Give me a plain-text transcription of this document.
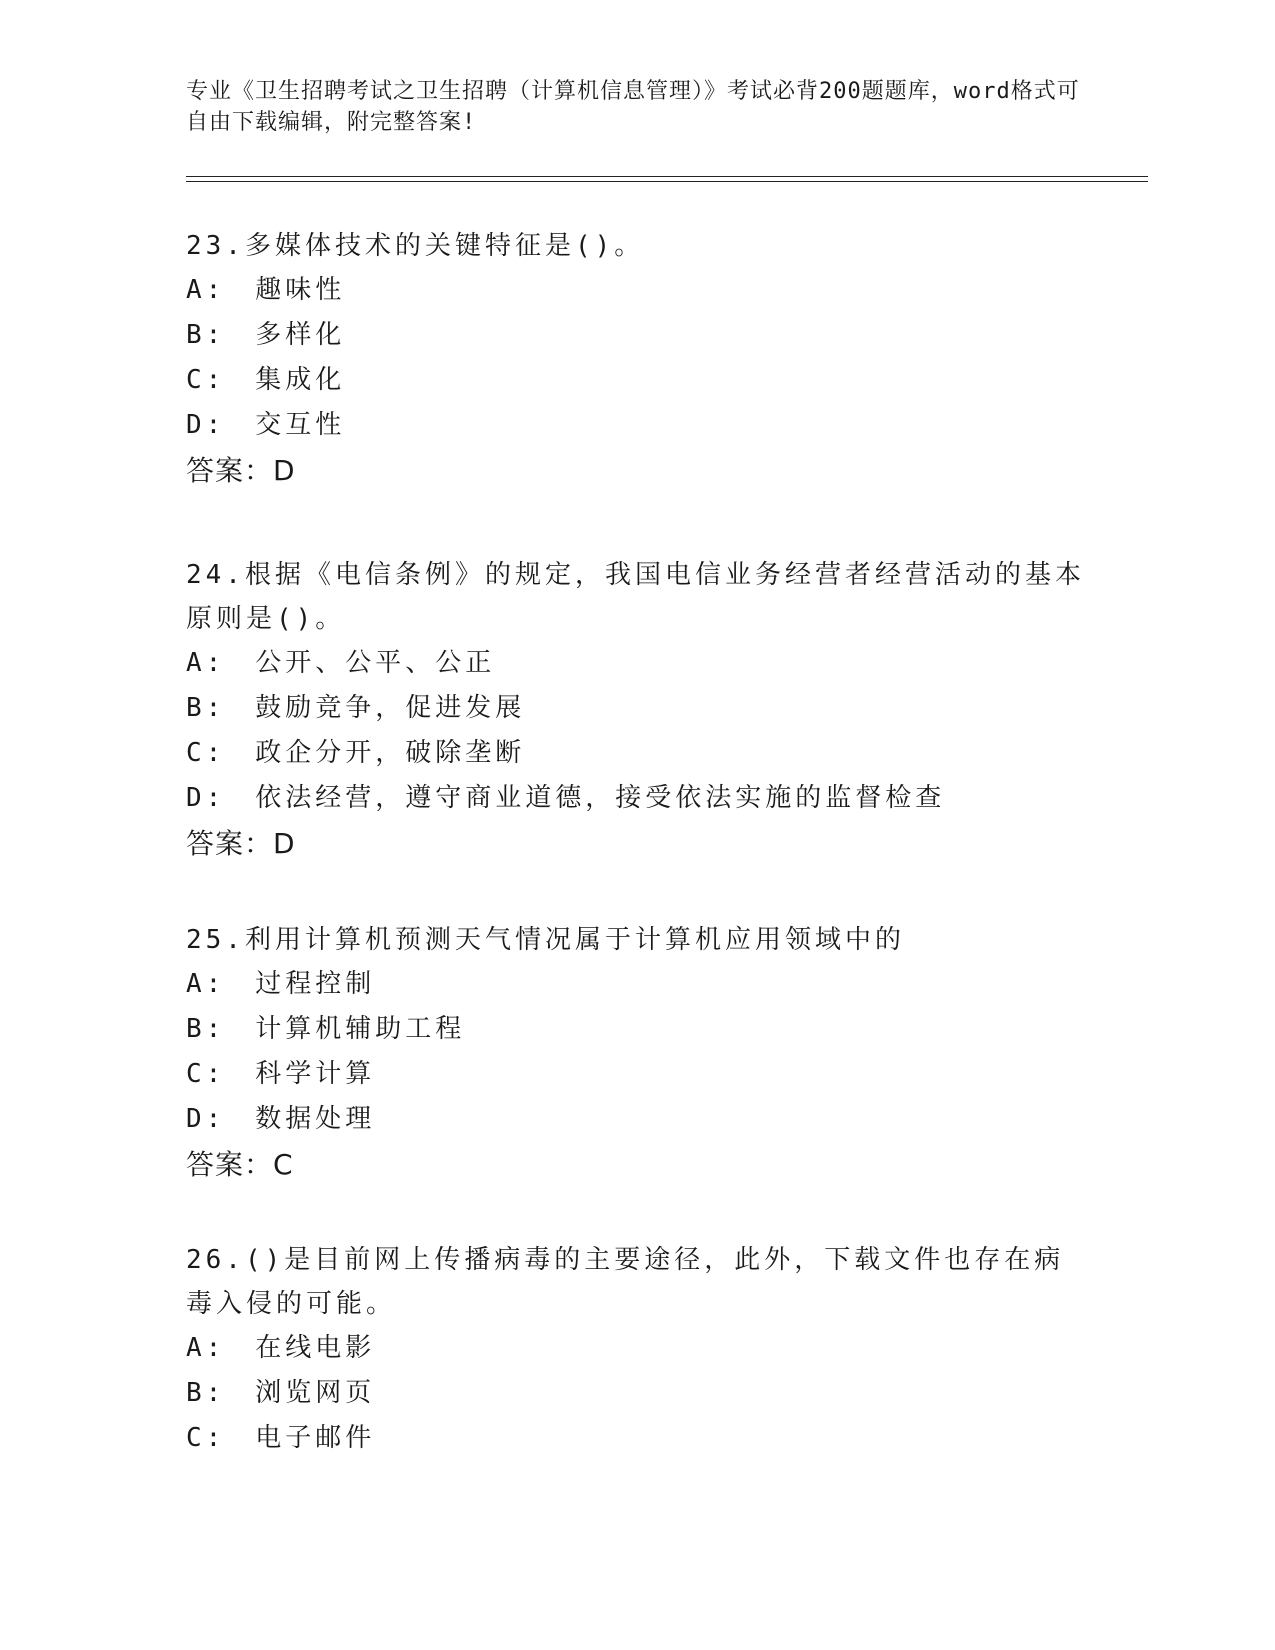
专业《卫生招聘考试之卫生招聘（计算机信息管理）》考试必背200题题库，word格式可自由下载编辑，附完整答案!
23.多媒体技术的关键特征是()。
A:　趣味性
B:　多样化
C:　集成化
D:　交互性
答案：D
24.根据《电信条例》的规定，我国电信业务经营者经营活动的基本原则是()。
A:　公开、公平、公正
B:　鼓励竞争，促进发展
C:　政企分开，破除垄断
D:　依法经营，遵守商业道德，接受依法实施的监督检查
答案：D
25.利用计算机预测天气情况属于计算机应用领域中的
A:　过程控制
B:　计算机辅助工程
C:　科学计算
D:　数据处理
答案：C
26.()是目前网上传播病毒的主要途径，此外，下载文件也存在病毒入侵的可能。
A:　在线电影
B:　浏览网页
C:　电子邮件
